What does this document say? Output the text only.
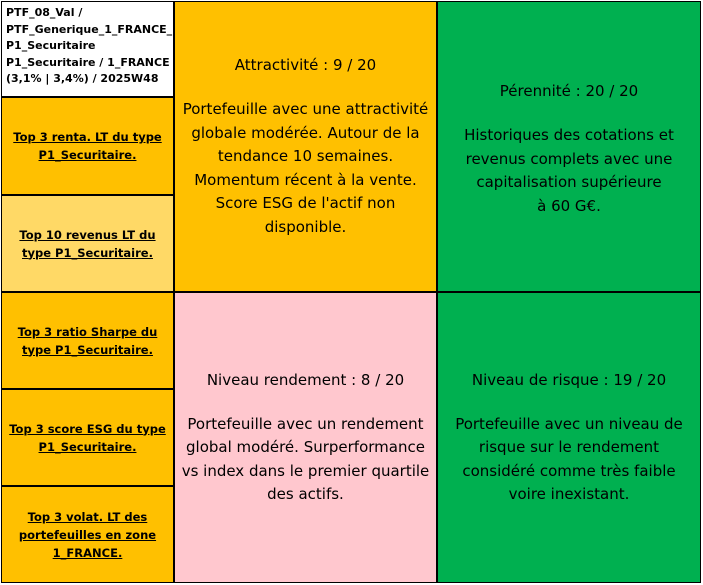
PTF_08_Val /
PTF_Generique_1_FRANCE_
P1_Securitaire
P1_Securitaire / 1_FRANCE
(3,1% | 3,4%) / 2025W48
Top 3 renta. LT du type P1_Securitaire.
Top 10 revenus LT du type P1_Securitaire.
Top 3 ratio Sharpe du type P1_Securitaire.
Top 3 score ESG du type P1_Securitaire.
Top 3 volat. LT des portefeuilles en zone 1_FRANCE.
Attractivité : 9 / 20
Portefeuille avec une attractivité
globale modérée. Autour de la
tendance 10 semaines.
Momentum récent à la vente.
Score ESG de l'actif non
disponible.
Pérennité : 20 / 20
Historiques des cotations et
revenus complets avec une
capitalisation supérieure
à 60 G€.
Niveau rendement : 8 / 20
Portefeuille avec un rendement
global modéré. Surperformance
vs index dans le premier quartile
des actifs.
Niveau de risque : 19 / 20
Portefeuille avec un niveau de
risque sur le rendement
considéré comme très faible
voire inexistant.
